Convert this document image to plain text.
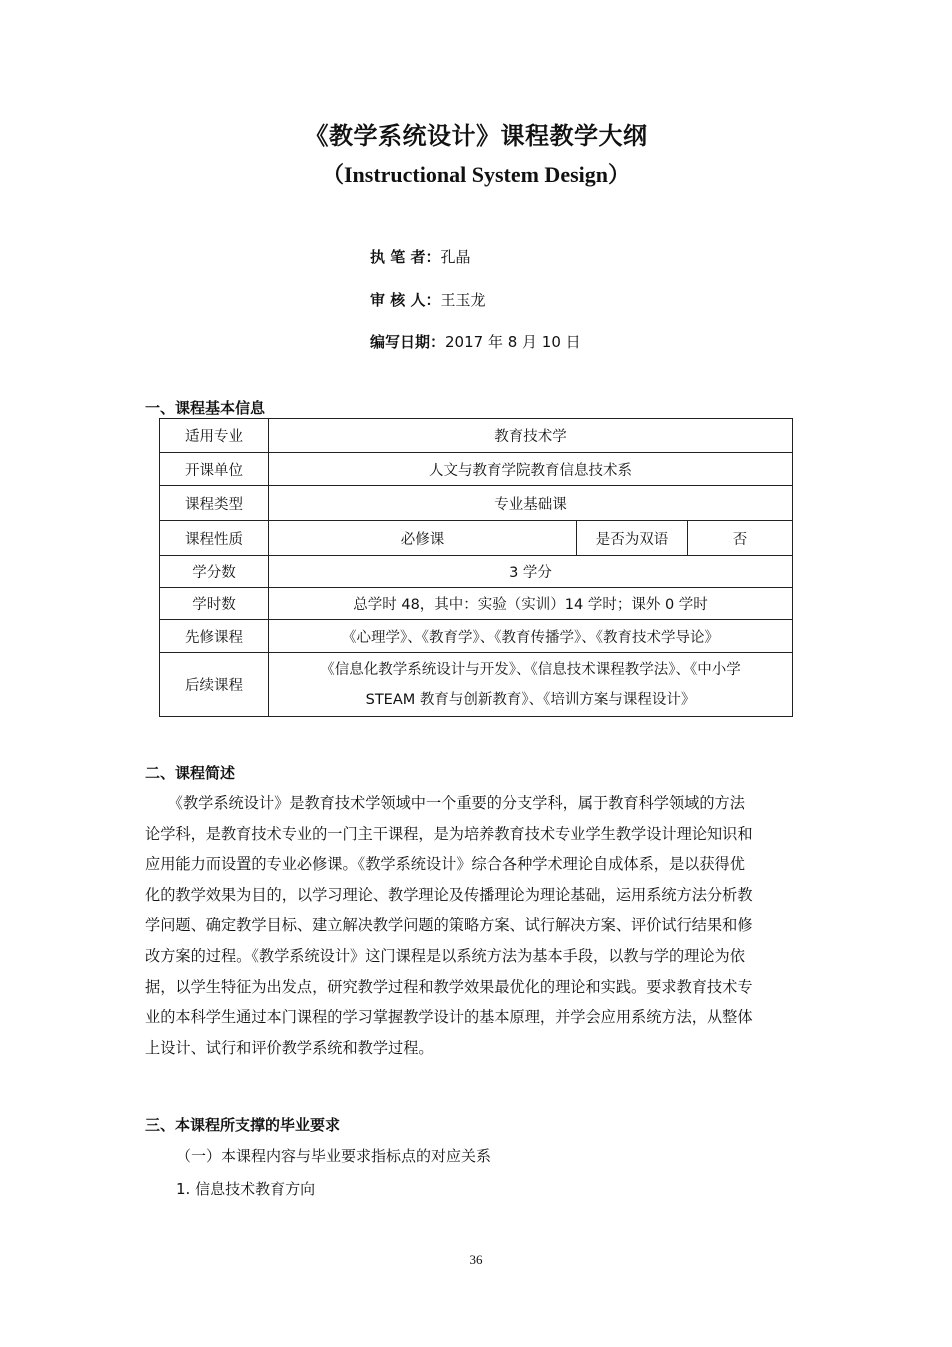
《教学系统设计》课程教学大纲
（Instructional System Design）
执 笔 者：孔晶
审 核 人：王玉龙
编写日期：2017 年 8 月 10 日
一、课程基本信息
适用专业	教育技术学		
开课单位	人文与教育学院教育信息技术系		
课程类型	专业基础课		
课程性质	必修课	是否为双语	否
学分数	3 学分		
学时数	总学时 48，其中：实验（实训）14 学时；课外 0 学时		
先修课程	《心理学》、《教育学》、《教育传播学》、《教育技术学导论》		
后续课程	《信息化教学系统设计与开发》、《信息技术课程教学法》、《中小学
STEAM 教育与创新教育》、《培训方案与课程设计》		
二、课程简述
　　《教学系统设计》是教育技术学领域中一个重要的分支学科，属于教育科学领域的方法
论学科，是教育技术专业的一门主干课程，是为培养教育技术专业学生教学设计理论知识和
应用能力而设置的专业必修课。《教学系统设计》综合各种学术理论自成体系，是以获得优
化的教学效果为目的，以学习理论、教学理论及传播理论为理论基础，运用系统方法分析教
学问题、确定教学目标、建立解决教学问题的策略方案、试行解决方案、评价试行结果和修
改方案的过程。《教学系统设计》这门课程是以系统方法为基本手段，以教与学的理论为依
据，以学生特征为出发点，研究教学过程和教学效果最优化的理论和实践。要求教育技术专
业的本科学生通过本门课程的学习掌握教学设计的基本原理，并学会应用系统方法，从整体
上设计、试行和评价教学系统和教学过程。
三、本课程所支撑的毕业要求
（一）本课程内容与毕业要求指标点的对应关系
1. 信息技术教育方向
36
